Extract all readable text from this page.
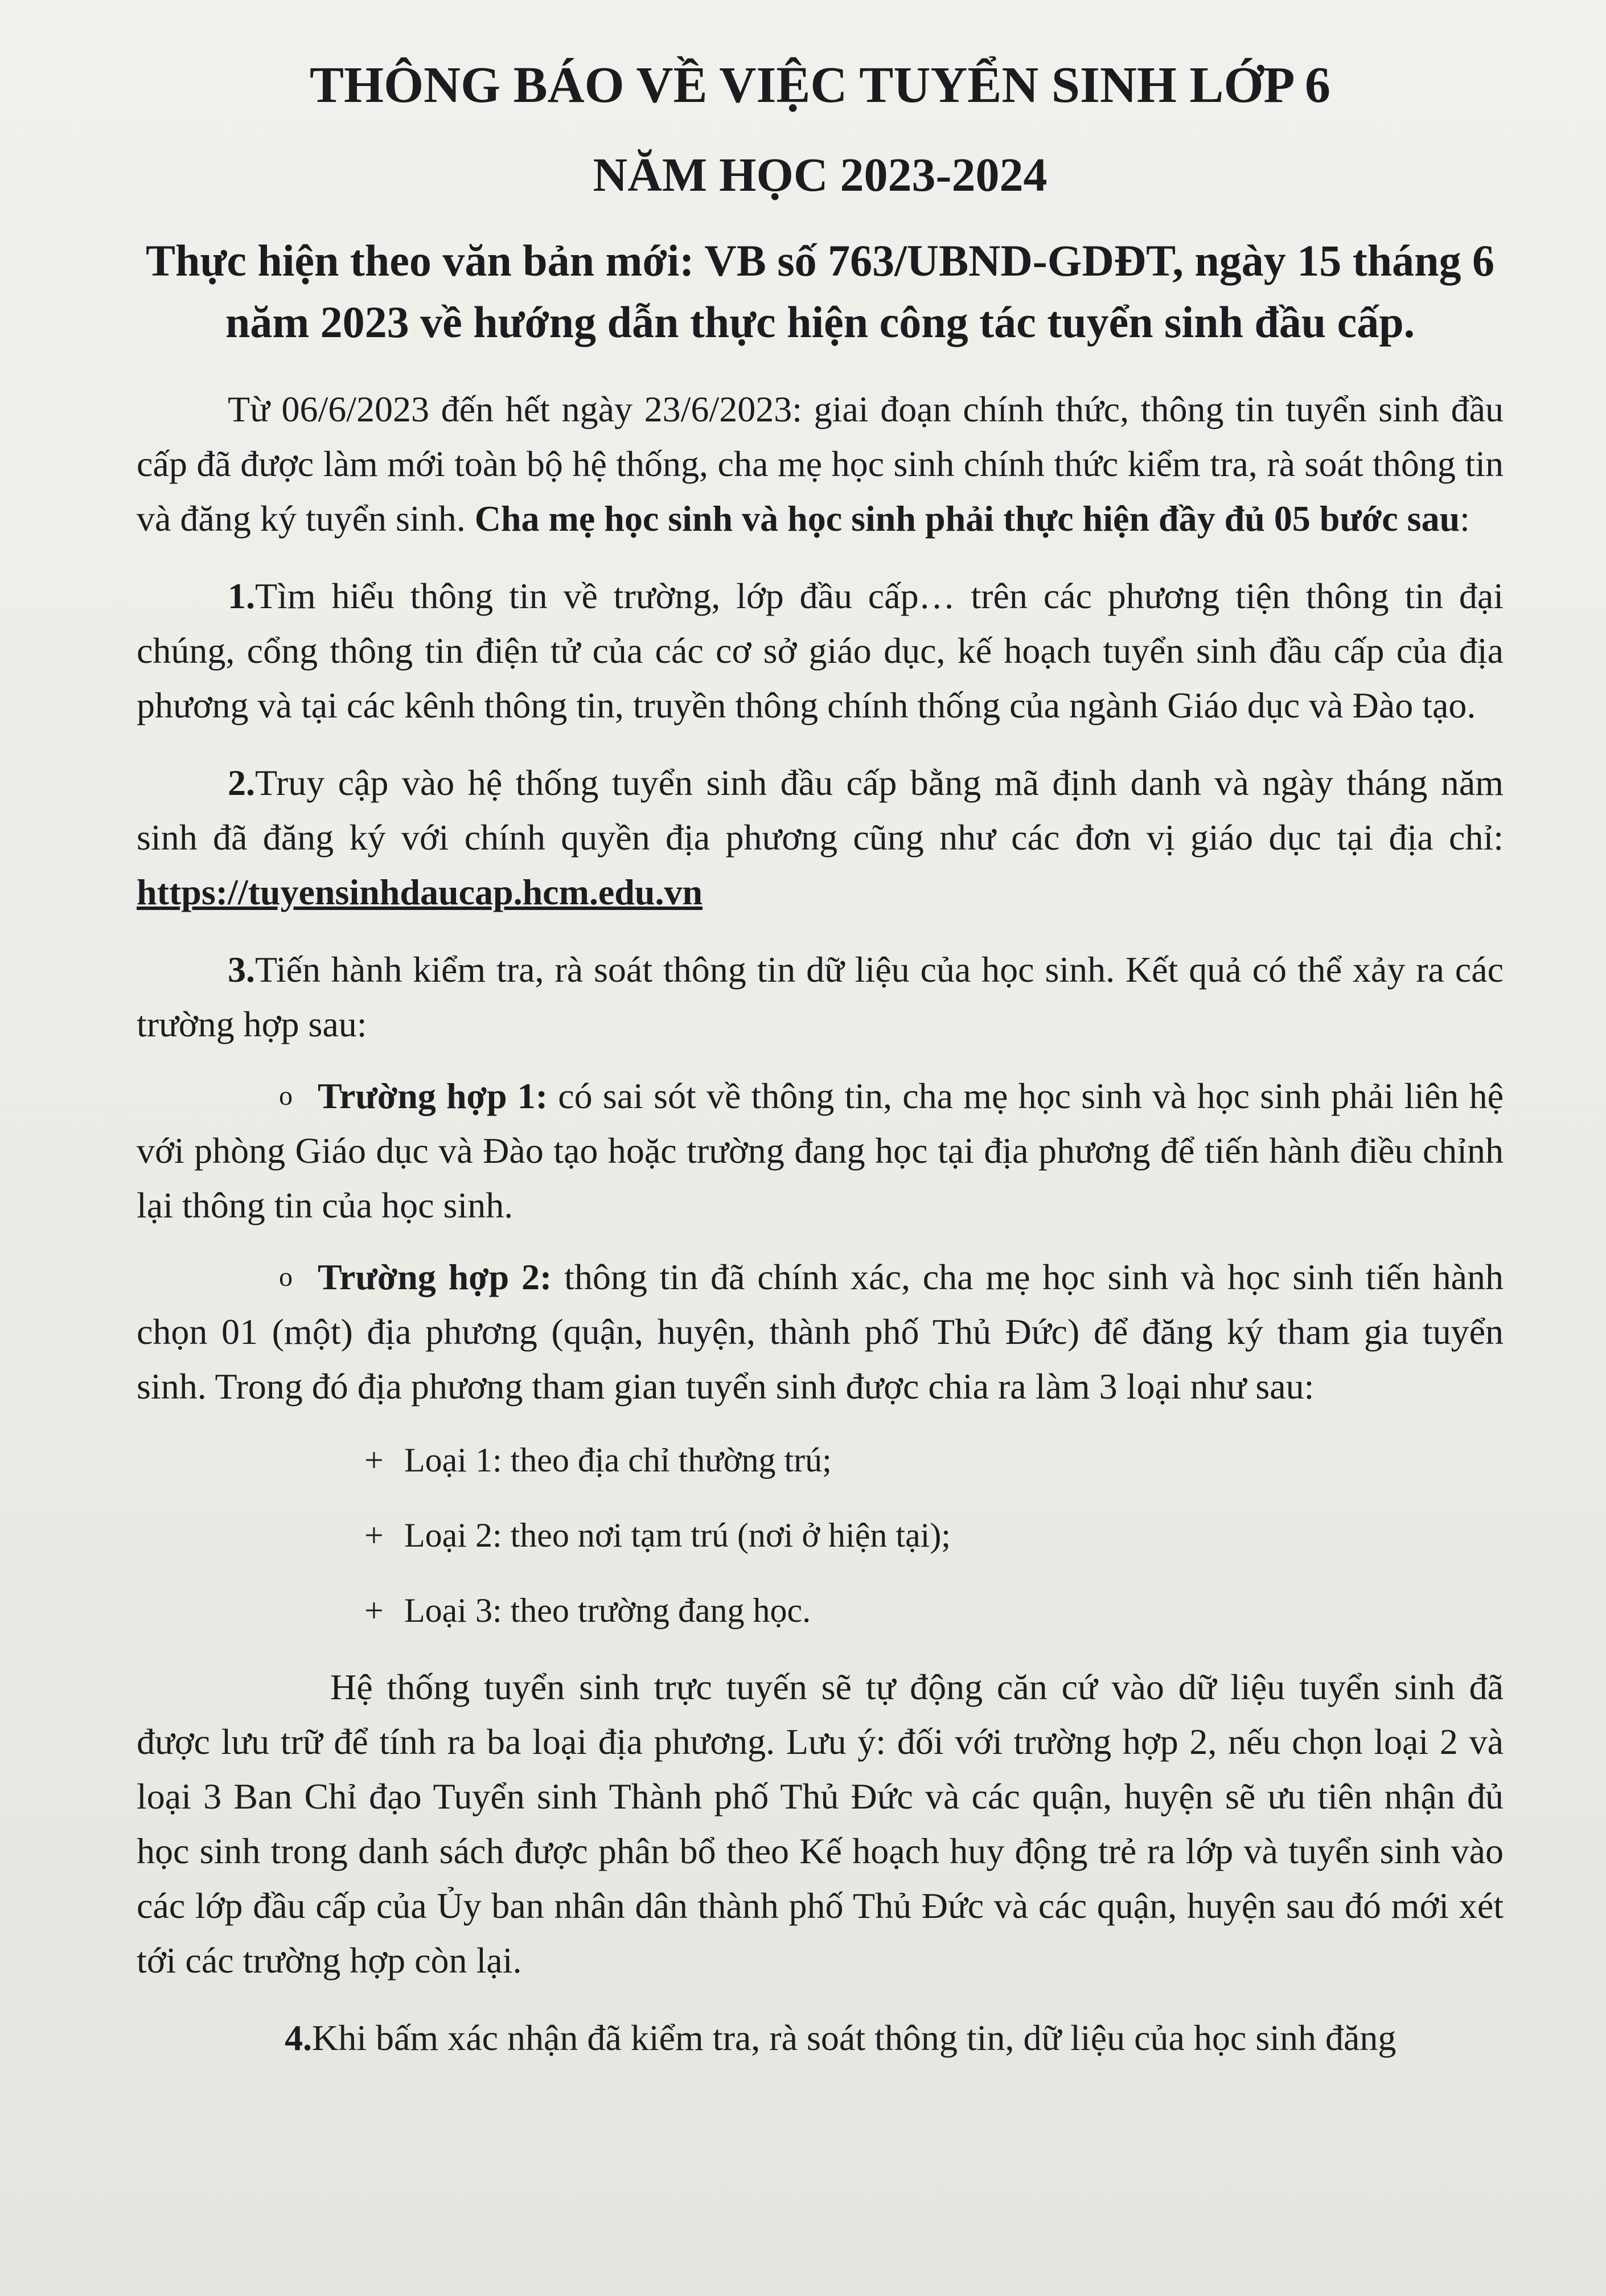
THÔNG BÁO VỀ VIỆC TUYỂN SINH LỚP 6
NĂM HỌC 2023-2024
Thực hiện theo văn bản mới: VB số 763/UBND-GDĐT, ngày 15 tháng 6 năm 2023 về hướng dẫn thực hiện công tác tuyển sinh đầu cấp.

Từ 06/6/2023 đến hết ngày 23/6/2023: giai đoạn chính thức, thông tin tuyển sinh đầu cấp đã được làm mới toàn bộ hệ thống, cha mẹ học sinh chính thức kiểm tra, rà soát thông tin và đăng ký tuyển sinh. Cha mẹ học sinh và học sinh phải thực hiện đầy đủ 05 bước sau:

1.Tìm hiểu thông tin về trường, lớp đầu cấp… trên các phương tiện thông tin đại chúng, cổng thông tin điện tử của các cơ sở giáo dục, kế hoạch tuyển sinh đầu cấp của địa phương và tại các kênh thông tin, truyền thông chính thống của ngành Giáo dục và Đào tạo.

2.Truy cập vào hệ thống tuyển sinh đầu cấp bằng mã định danh và ngày tháng năm sinh đã đăng ký với chính quyền địa phương cũng như các đơn vị giáo dục tại địa chỉ: https://tuyensinhdaucap.hcm.edu.vn

3.Tiến hành kiểm tra, rà soát thông tin dữ liệu của học sinh. Kết quả có thể xảy ra các trường hợp sau:

o Trường hợp 1: có sai sót về thông tin, cha mẹ học sinh và học sinh phải liên hệ với phòng Giáo dục và Đào tạo hoặc trường đang học tại địa phương để tiến hành điều chỉnh lại thông tin của học sinh.

o Trường hợp 2: thông tin đã chính xác, cha mẹ học sinh và học sinh tiến hành chọn 01 (một) địa phương (quận, huyện, thành phố Thủ Đức) để đăng ký tham gia tuyển sinh. Trong đó địa phương tham gian tuyển sinh được chia ra làm 3 loại như sau:

+ Loại 1: theo địa chỉ thường trú;
+ Loại 2: theo nơi tạm trú (nơi ở hiện tại);
+ Loại 3: theo trường đang học.

Hệ thống tuyển sinh trực tuyến sẽ tự động căn cứ vào dữ liệu tuyển sinh đã được lưu trữ để tính ra ba loại địa phương. Lưu ý: đối với trường hợp 2, nếu chọn loại 2 và loại 3 Ban Chỉ đạo Tuyển sinh Thành phố Thủ Đức và các quận, huyện sẽ ưu tiên nhận đủ học sinh trong danh sách được phân bổ theo Kế hoạch huy động trẻ ra lớp và tuyển sinh vào các lớp đầu cấp của Ủy ban nhân dân thành phố Thủ Đức và các quận, huyện sau đó mới xét tới các trường hợp còn lại.

4.Khi bấm xác nhận đã kiểm tra, rà soát thông tin, dữ liệu của học sinh đăng
